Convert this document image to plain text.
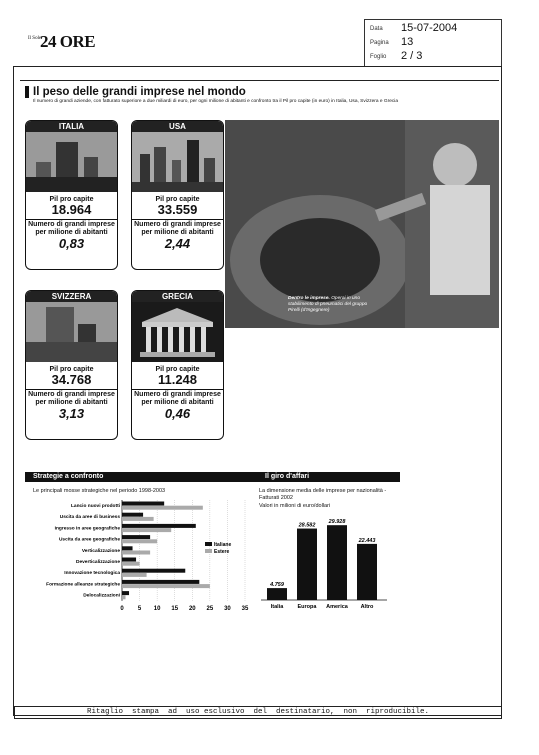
Il Sole
24 ORE
Data 15-07-2004
Pagina 13
Foglio 2 / 3
Il peso delle grandi imprese nel mondo
Il numero di grandi aziende, con fatturato superiore a due miliardi di euro, per ogni milione di abitanti e confronto tra il Pil pro capite (in euro) in Italia, Usa, Svizzera e Grecia
ITALIA
Pil pro capite
18.964
Numero di grandi imprese
per milione di abitanti
0,83
USA
Pil pro capite
33.559
Numero di grandi imprese
per milione di abitanti
2,44
SVIZZERA
Pil pro capite
34.768
Numero di grandi imprese
per milione di abitanti
3,13
GRECIA
Pil pro capite
11.248
Numero di grandi imprese
per milione di abitanti
0,46
Dentro le imprese. Operai in uno stabilimento di pneumatici del gruppo Pirelli (d'Ingegnere)
Strategie a confronto
Le principali mosse strategiche nel periodo 1998-2003
0 5 10 15 20 25 30 35
Lancio nuovi prodotti
Uscita da aree di business
Ingresso in aree geografiche
Uscita da aree geografiche
Verticalizzazione
Deverticalizzazione
Innovazione tecnologica
Formazione alleanze strategiche
Delocalizzazioni
Italiane
Estere
Il giro d'affari
La dimensione media delle imprese per nazionalità - Fatturati 2002
Valori in milioni di euro/dollari
4.759
Italia
28.582
Europa
29.928
America
22.443
Altro
Ritaglio  stampa  ad  uso esclusivo  del  destinatario,  non  riproducibile.
